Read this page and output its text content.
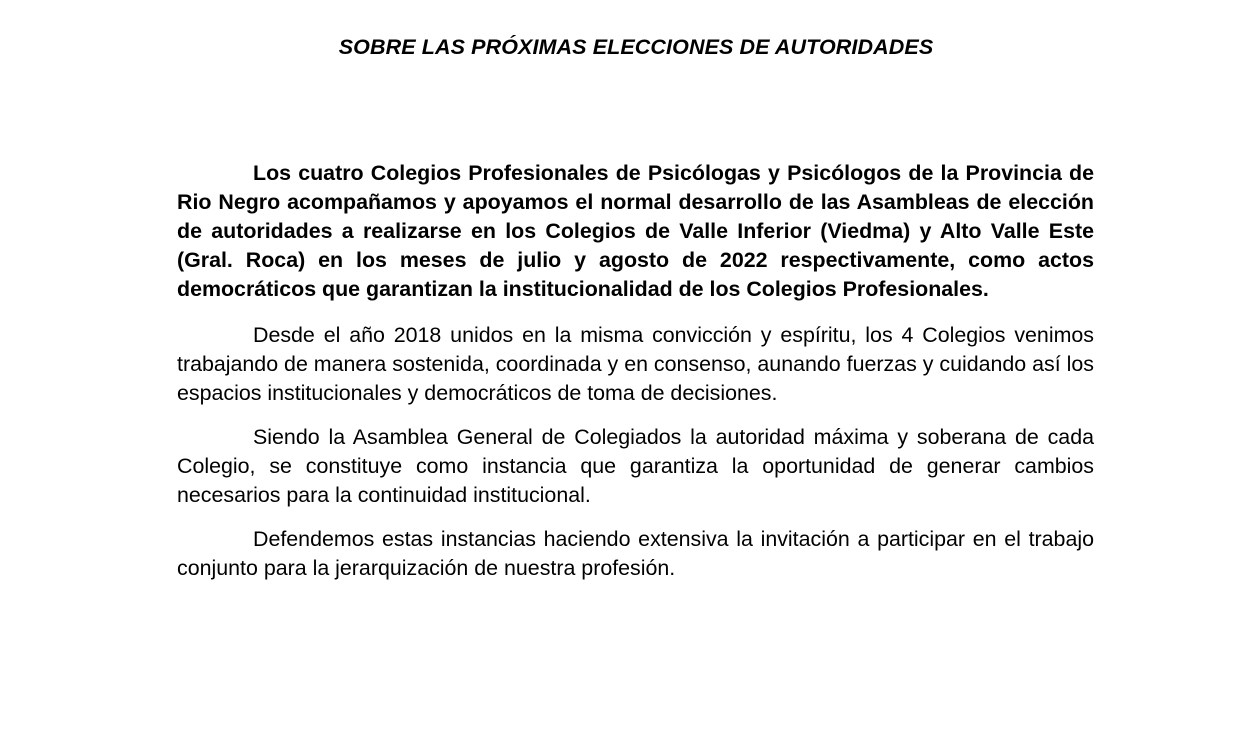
SOBRE LAS PRÓXIMAS ELECCIONES DE AUTORIDADES

Los cuatro Colegios Profesionales de Psicólogas y Psicólogos de la Provincia de Rio Negro acompañamos y apoyamos el normal desarrollo de las Asambleas de elección de autoridades a realizarse en los Colegios de Valle Inferior (Viedma) y Alto Valle Este (Gral. Roca) en los meses de julio y agosto de 2022 respectivamente, como actos democráticos que garantizan la institucionalidad de los Colegios Profesionales.

Desde el año 2018 unidos en la misma convicción y espíritu, los 4 Colegios venimos trabajando de manera sostenida, coordinada y en consenso, aunando fuerzas y cuidando así los espacios institucionales y democráticos de toma de decisiones.

Siendo la Asamblea General de Colegiados la autoridad máxima y soberana de cada Colegio, se constituye como instancia que garantiza la oportunidad de generar cambios necesarios para la continuidad institucional.

Defendemos estas instancias haciendo extensiva la invitación a participar en el trabajo conjunto para la jerarquización de nuestra profesión.
